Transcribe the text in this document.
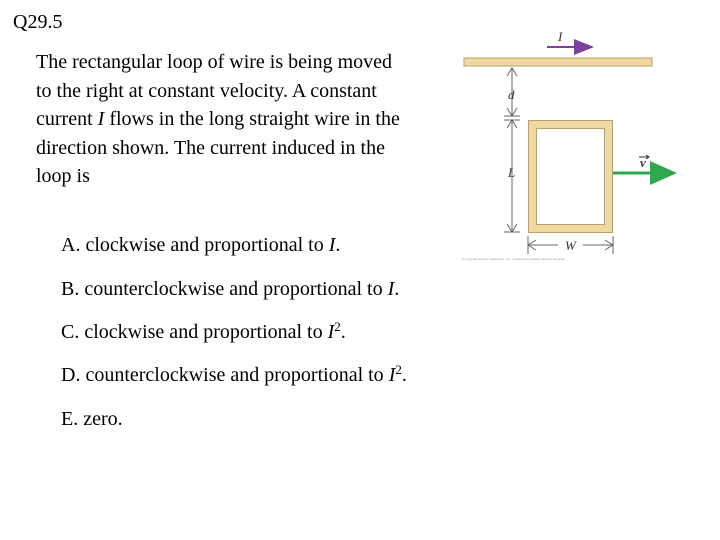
Q29.5

The rectangular loop of wire is being moved to the right at constant velocity. A constant current I flows in the long straight wire in the direction shown. The current induced in the loop is

A. clockwise and proportional to I.
B. counterclockwise and proportional to I.
C. clockwise and proportional to $I^2$.
D. counterclockwise and proportional to $I^2$.
E. zero.
I
d
L
W
v
© Copyright Pearson Education, Inc., publishing as Addison Wesley Longman
